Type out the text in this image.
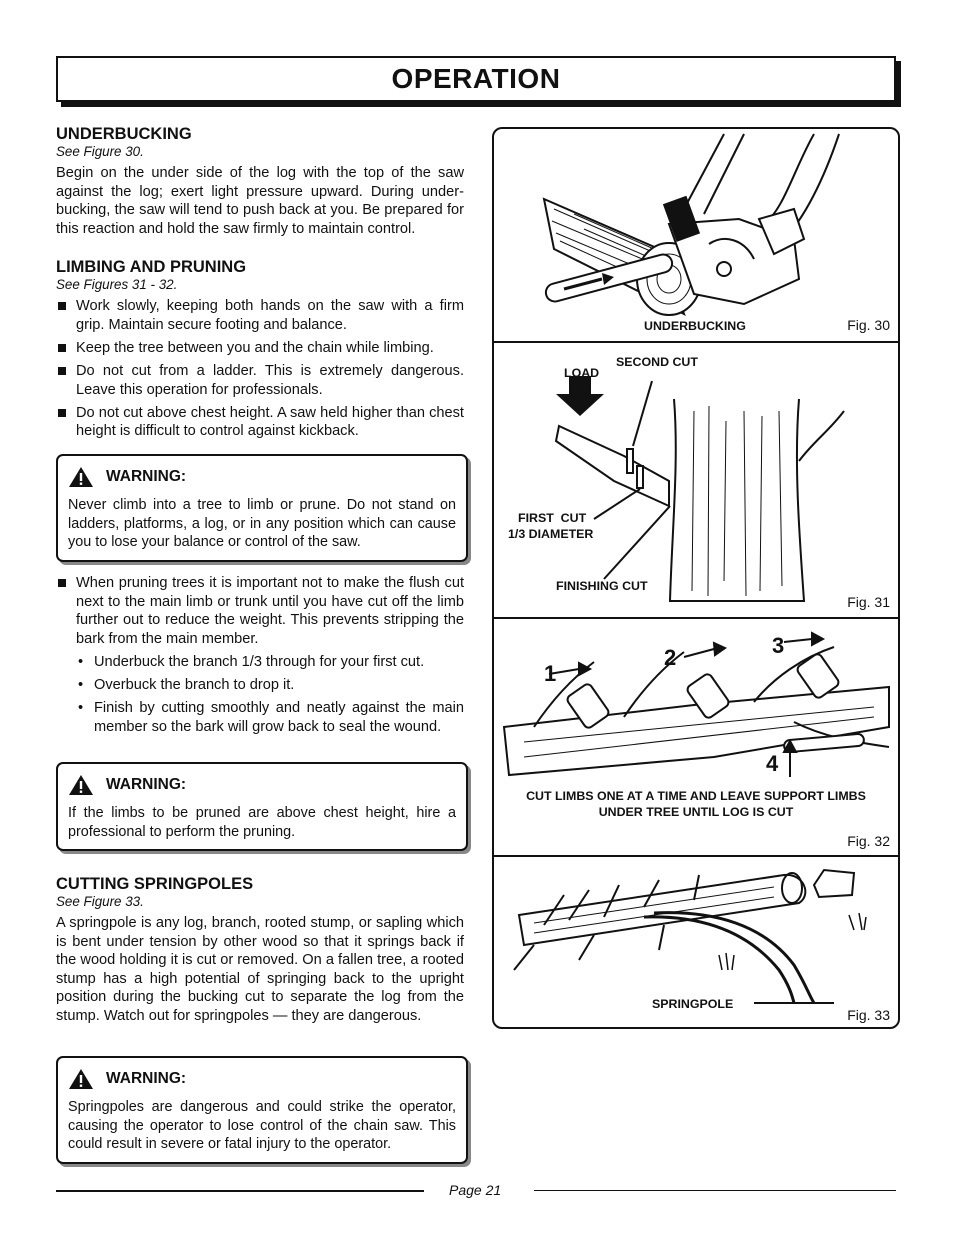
OPERATION
UNDERBUCKING
See Figure 30.

Begin on the under side of the log with the top of the saw against the log; exert light pressure upward. During under-bucking, the saw will tend to push back at you. Be prepared for this reaction and hold the saw firmly to maintain control.

LIMBING AND PRUNING
See Figures 31 - 32.
Work slowly, keeping both hands on the saw with a firm grip. Maintain secure footing and balance.
Keep the tree between you and the chain while limbing.
Do not cut from a ladder. This is extremely dangerous. Leave this operation for professionals.
Do not cut above chest height. A saw held higher than chest height is difficult to control against kickback.
WARNING:

Never climb into a tree to limb or prune. Do not stand on ladders, platforms, a log, or in any position which can cause you to lose your balance or control of the saw.

When pruning trees it is important not to make the flush cut next to the main limb or trunk until you have cut off the limb further out to reduce the weight. This prevents stripping the bark from the main member.
• Underbuck the branch 1/3 through for your first cut.
• Overbuck the branch to drop it.
• Finish by cutting smoothly and neatly against the main member so the bark will grow back to seal the wound.
WARNING:

If the limbs to be pruned are above chest height, hire a professional to perform the pruning.

CUTTING SPRINGPOLES
See Figure 33.

A springpole is any log, branch, rooted stump, or sapling which is bent under tension by other wood so that it springs back if the wood holding it is cut or removed. On a fallen tree, a rooted stump has a high potential of springing back to the upright position during the bucking cut to separate the log from the stump. Watch out for springpoles — they are dangerous.

WARNING:

Springpoles are dangerous and could strike the operator, causing the operator to lose control of the chain saw. This could result in severe or fatal injury to the operator.

UNDERBUCKING	Fig. 30
SECOND CUT
LOAD
FIRST  CUT
1/3 DIAMETER
FINISHING CUT
Fig. 31
1
2	3
4
CUT LIMBS ONE AT A TIME AND LEAVE SUPPORT LIMBS
UNDER TREE UNTIL LOG IS CUT
Fig. 32
SPRINGPOLE
Fig. 33
Page 21
